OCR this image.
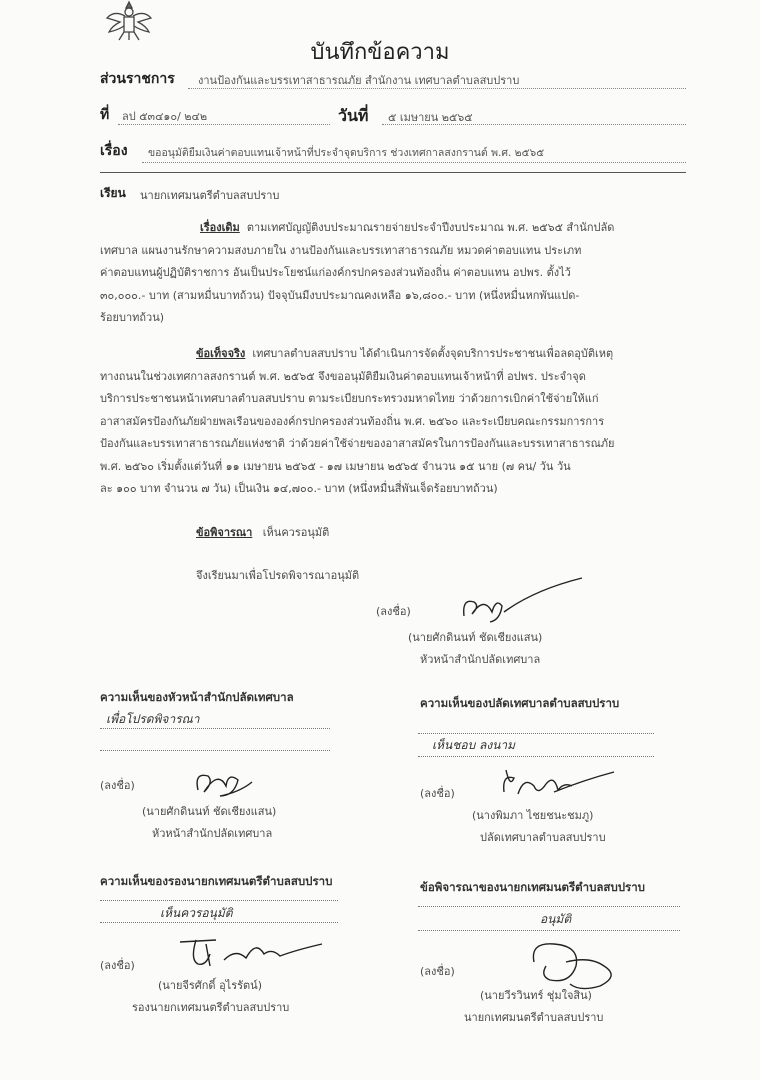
บันทึกข้อความ
ส่วนราชการ งานป้องกันและบรรเทาสาธารณภัย สำนักงาน เทศบาลตำบลสบปราบ
ที่ ลป ๕๓๔๑๐/ ๒๔๒	วันที่ ๕ เมษายน ๒๕๖๕
เรื่อง ขออนุมัติยืมเงินค่าตอบแทนเจ้าหน้าที่ประจำจุดบริการ ช่วงเทศกาลสงกรานต์ พ.ศ. ๒๕๖๕
เรียน นายกเทศมนตรีตำบลสบปราบ
เรื่องเดิม ตามเทศบัญญัติงบประมาณรายจ่ายประจำปีงบประมาณ พ.ศ. ๒๕๖๕ สำนักปลัด
เทศบาล แผนงานรักษาความสงบภายใน งานป้องกันและบรรเทาสาธารณภัย หมวดค่าตอบแทน ประเภท
ค่าตอบแทนผู้ปฏิบัติราชการ อันเป็นประโยชน์แก่องค์กรปกครองส่วนท้องถิ่น ค่าตอบแทน อปพร. ตั้งไว้
๓๐,๐๐๐.- บาท (สามหมื่นบาทถ้วน) ปัจจุบันมีงบประมาณคงเหลือ ๑๖,๘๐๐.- บาท (หนึ่งหมื่นหกพันแปด-
ร้อยบาทถ้วน)
ข้อเท็จจริง เทศบาลตำบลสบปราบ ได้ดำเนินการจัดตั้งจุดบริการประชาชนเพื่อลดอุบัติเหตุ
ทางถนนในช่วงเทศกาลสงกรานต์ พ.ศ. ๒๕๖๕ จึงขออนุมัติยืมเงินค่าตอบแทนเจ้าหน้าที่ อปพร. ประจำจุด
บริการประชาชนหน้าเทศบาลตำบลสบปราบ ตามระเบียบกระทรวงมหาดไทย ว่าด้วยการเบิกค่าใช้จ่ายให้แก่
อาสาสมัครป้องกันภัยฝ่ายพลเรือนขององค์กรปกครองส่วนท้องถิ่น พ.ศ. ๒๕๖๐ และระเบียบคณะกรรมการการ
ป้องกันและบรรเทาสาธารณภัยแห่งชาติ ว่าด้วยค่าใช้จ่ายของอาสาสมัครในการป้องกันและบรรเทาสาธารณภัย
พ.ศ. ๒๕๖๐ เริ่มตั้งแต่วันที่ ๑๑ เมษายน ๒๕๖๕ - ๑๗ เมษายน ๒๕๖๕ จำนวน ๑๕ นาย (๗ คน/ วัน วัน
ละ ๑๐๐ บาท จำนวน ๗ วัน) เป็นเงิน ๑๔,๗๐๐.- บาท (หนึ่งหมื่นสี่พันเจ็ดร้อยบาทถ้วน)
ข้อพิจารณา เห็นควรอนุมัติ
จึงเรียนมาเพื่อโปรดพิจารณาอนุมัติ
(ลงชื่อ)
(นายศักดินนท์ ชัดเชียงแสน)
หัวหน้าสำนักปลัดเทศบาล
ความเห็นของหัวหน้าสำนักปลัดเทศบาล
เพื่อโปรดพิจารณา
(ลงชื่อ)
(นายศักดินนท์ ชัดเชียงแสน)
หัวหน้าสำนักปลัดเทศบาล
ความเห็นของปลัดเทศบาลตำบลสบปราบ
เห็นชอบ ลงนาม
(ลงชื่อ)
(นางพิมภา ไชยชนะชมภู)
ปลัดเทศบาลตำบลสบปราบ
ความเห็นของรองนายกเทศมนตรีตำบลสบปราบ
เห็นควรอนุมัติ
(ลงชื่อ)
(นายจีรศักดิ์ อุไรรัตน์)
รองนายกเทศมนตรีตำบลสบปราบ
ข้อพิจารณาของนายกเทศมนตรีตำบลสบปราบ
อนุมัติ
(ลงชื่อ)
(นายวีรวินทร์ ชุ่มใจสิน)
นายกเทศมนตรีตำบลสบปราบ
